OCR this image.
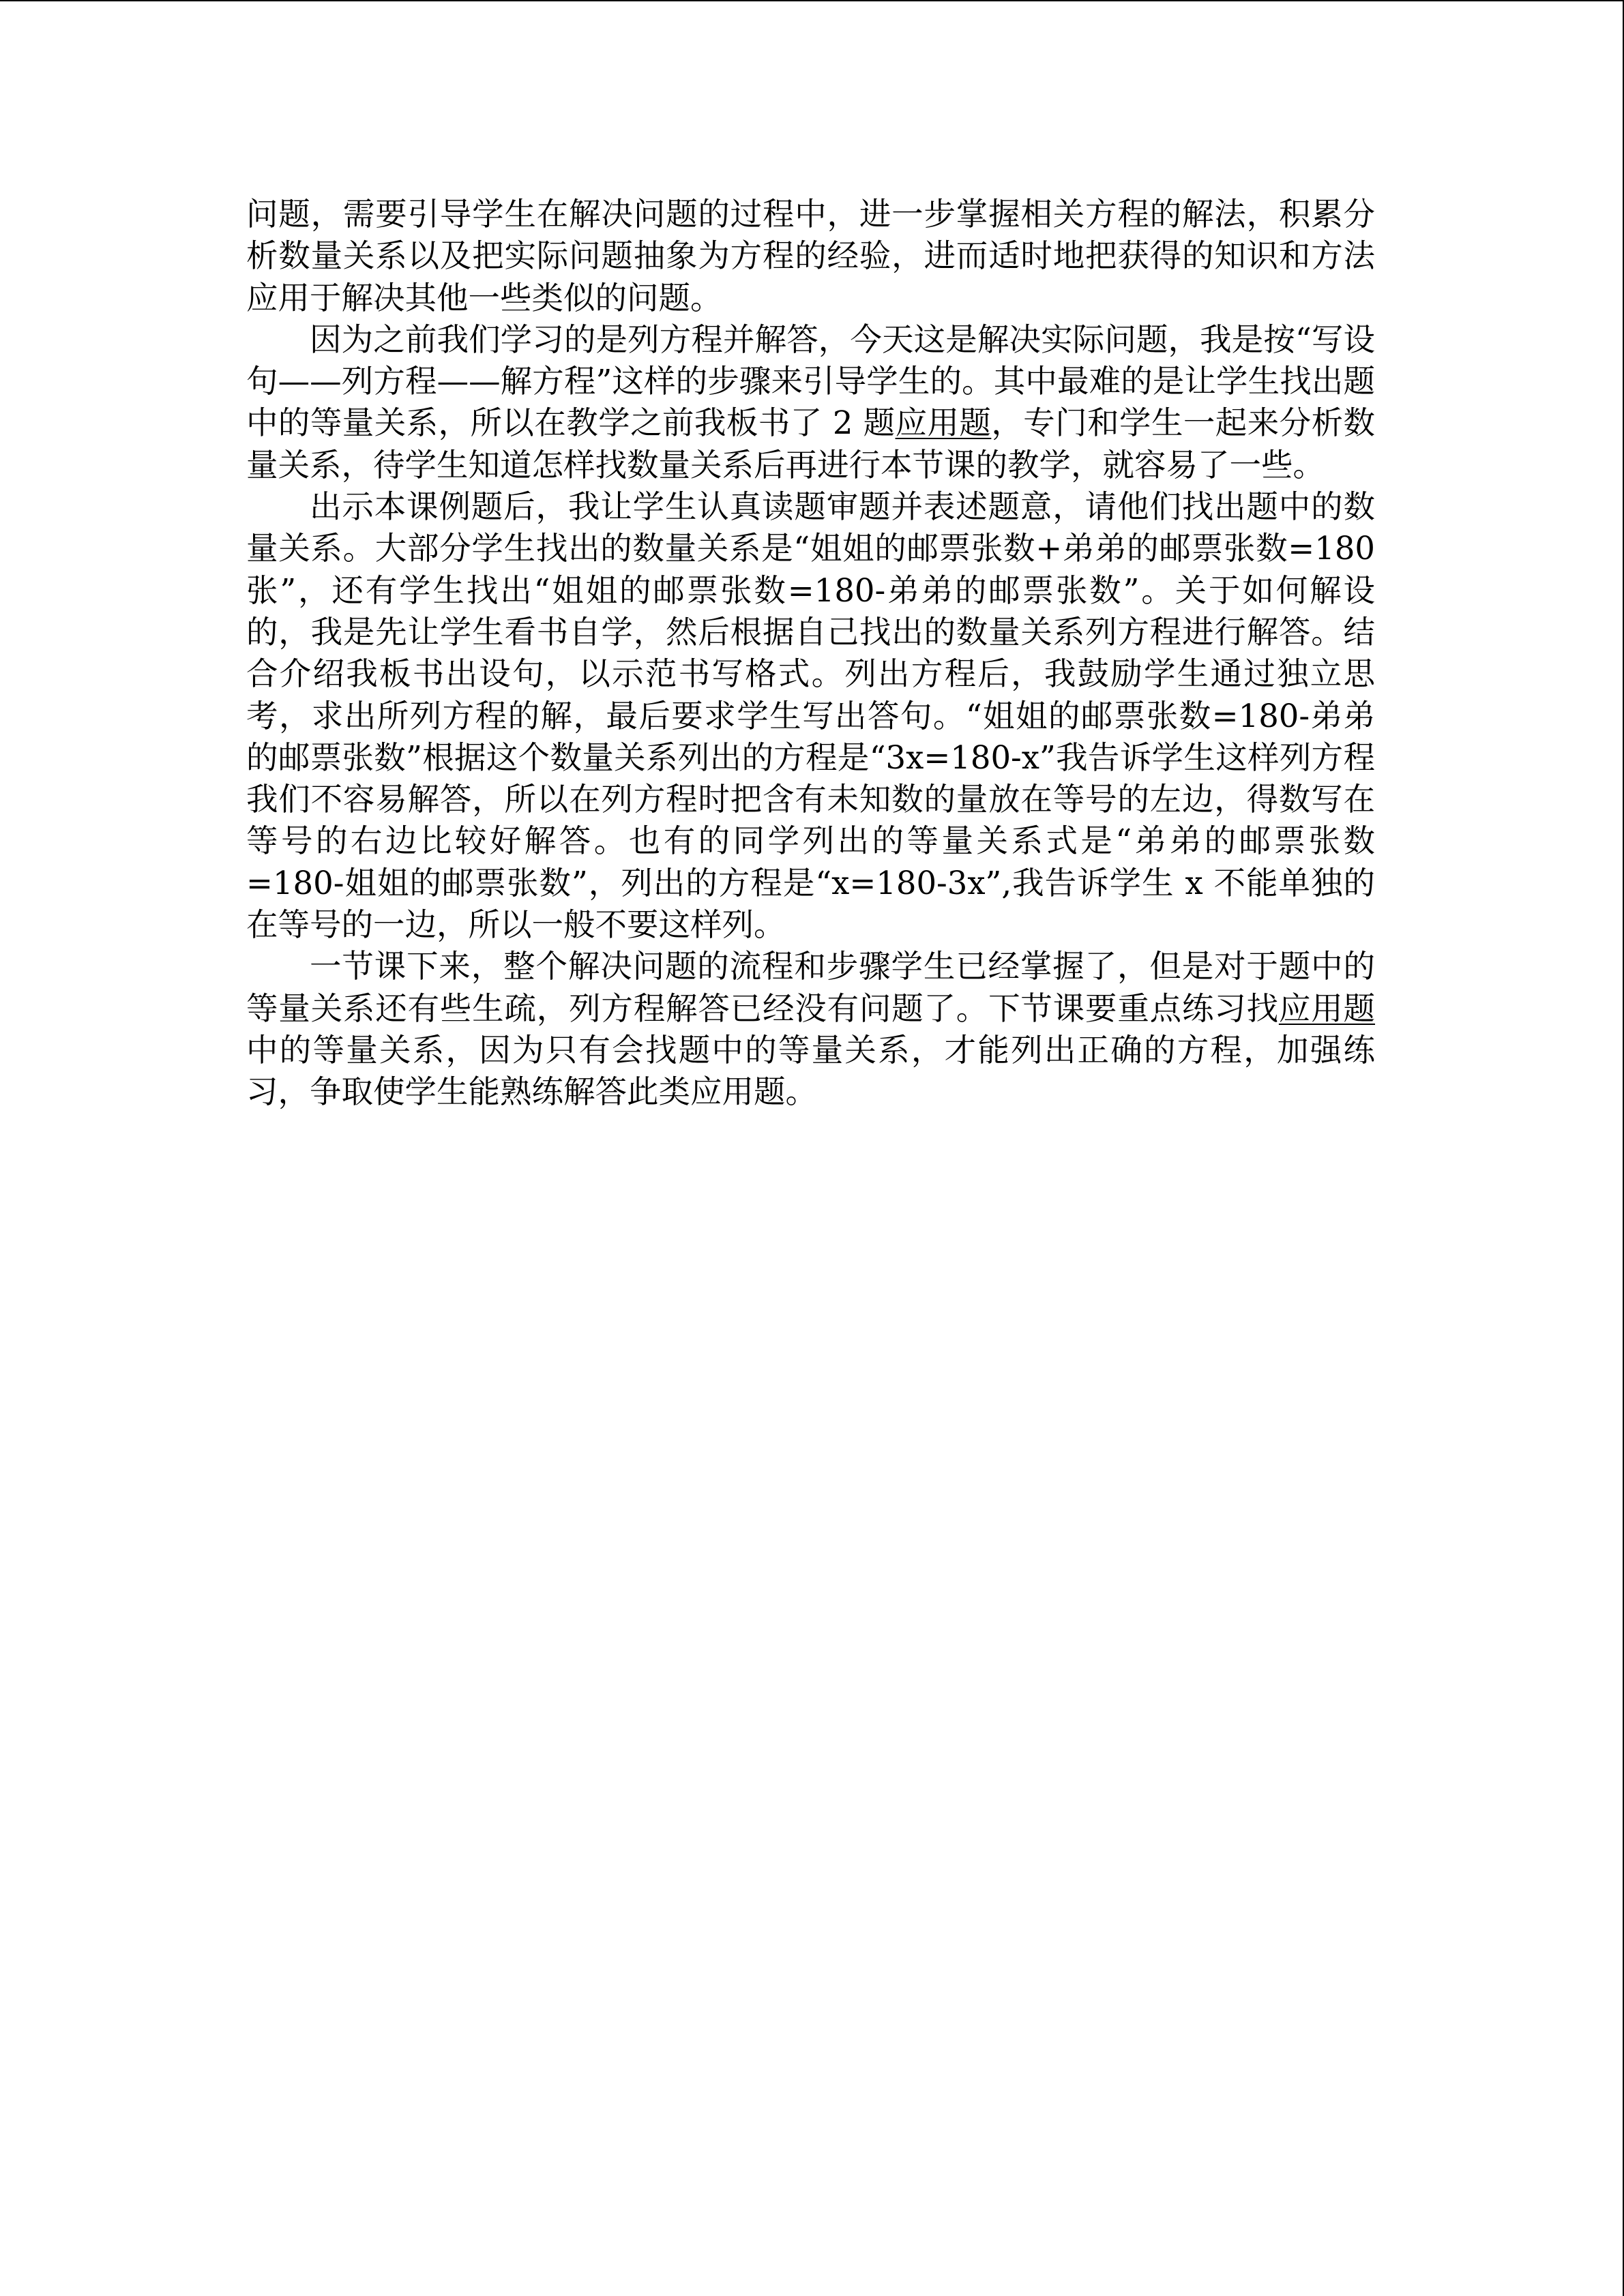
问题，需要引导学生在解决问题的过程中，进一步掌握相关方程的解法，积累分析数量关系以及把实际问题抽象为方程的经验，进而适时地把获得的知识和方法应用于解决其他一些类似的问题。

因为之前我们学习的是列方程并解答，今天这是解决实际问题，我是按“写设句——列方程——解方程”这样的步骤来引导学生的。其中最难的是让学生找出题中的等量关系，所以在教学之前我板书了 2 题应用题，专门和学生一起来分析数量关系，待学生知道怎样找数量关系后再进行本节课的教学，就容易了一些。

出示本课例题后，我让学生认真读题审题并表述题意，请他们找出题中的数量关系。大部分学生找出的数量关系是“姐姐的邮票张数+弟弟的邮票张数=180 张”，还有学生找出“姐姐的邮票张数=180-弟弟的邮票张数”。关于如何解设的，我是先让学生看书自学，然后根据自己找出的数量关系列方程进行解答。结合介绍我板书出设句，以示范书写格式。列出方程后，我鼓励学生通过独立思考，求出所列方程的解，最后要求学生写出答句。“姐姐的邮票张数=180-弟弟的邮票张数”根据这个数量关系列出的方程是“3x=180-x”我告诉学生这样列方程我们不容易解答，所以在列方程时把含有未知数的量放在等号的左边，得数写在等号的右边比较好解答。也有的同学列出的等量关系式是“弟弟的邮票张数=180-姐姐的邮票张数”，列出的方程是“x=180-3x”,我告诉学生 x 不能单独的在等号的一边，所以一般不要这样列。

一节课下来，整个解决问题的流程和步骤学生已经掌握了，但是对于题中的等量关系还有些生疏，列方程解答已经没有问题了。下节课要重点练习找应用题中的等量关系，因为只有会找题中的等量关系，才能列出正确的方程，加强练习，争取使学生能熟练解答此类应用题。
